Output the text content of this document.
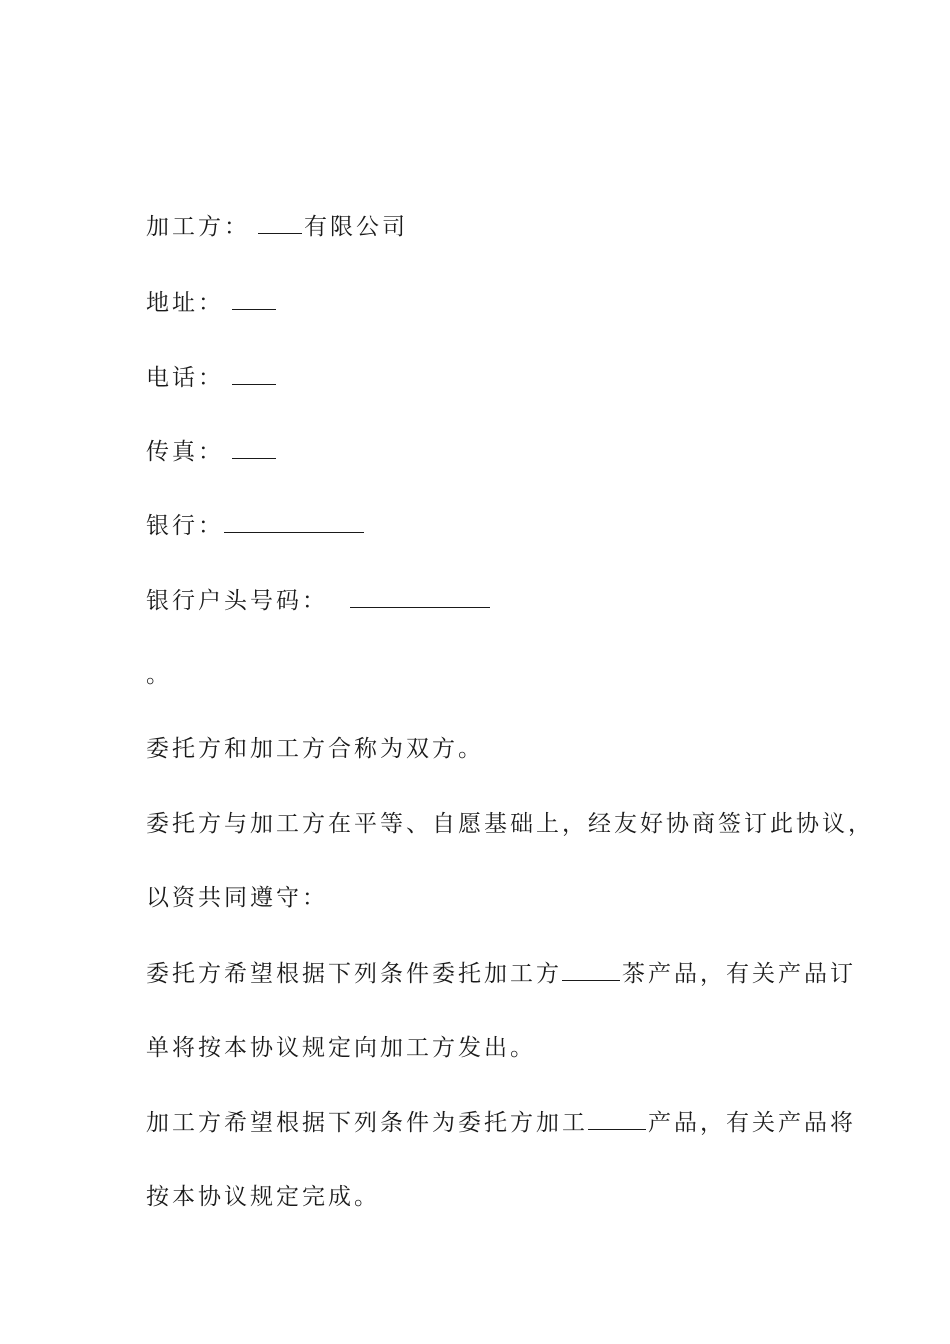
加工方： 有限公司
地址：
电话：
传真：
银行：
银行户头号码：
。
委托方和加工方合称为双方。
委托方与加工方在平等、自愿基础上，经友好协商签订此协议，
以资共同遵守：
委托方希望根据下列条件委托加工方	茶产品，有关产品订
单将按本协议规定向加工方发出。
加工方希望根据下列条件为委托方加工	产品，有关产品将
按本协议规定完成。
